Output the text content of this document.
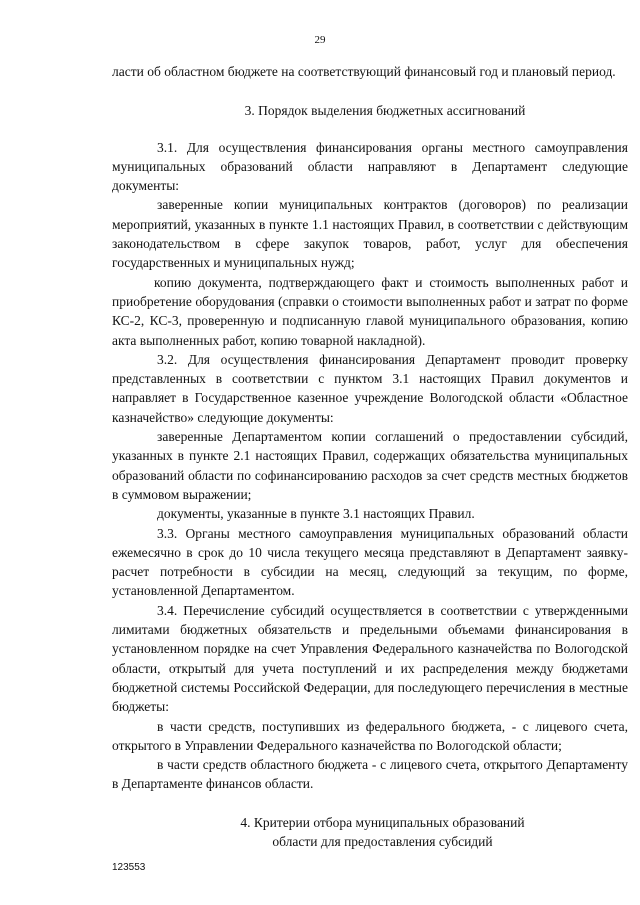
29

ласти об областном бюджете на соответствующий финансовый год и плановый период.

3. Порядок выделения бюджетных ассигнований

3.1. Для осуществления финансирования органы местного самоуправления муниципальных образований области направляют в Департамент следующие документы:

заверенные копии муниципальных контрактов (договоров) по реализации мероприятий, указанных в пункте 1.1 настоящих Правил, в соответствии с действующим законодательством в сфере закупок товаров, работ, услуг для обеспечения государственных и муниципальных нужд;

копию документа, подтверждающего факт и стоимость выполненных работ и приобретение оборудования (справки о стоимости выполненных работ и затрат по форме КС-2, КС-3, проверенную и подписанную главой муниципального образования, копию акта выполненных работ, копию товарной накладной).

3.2. Для осуществления финансирования Департамент проводит проверку представленных в соответствии с пунктом 3.1 настоящих Правил документов и направляет в Государственное казенное учреждение Вологодской области «Областное казначейство» следующие документы:

заверенные Департаментом копии соглашений о предоставлении субсидий, указанных в пункте 2.1 настоящих Правил, содержащих обязательства муниципальных образований области по софинансированию расходов за счет средств местных бюджетов в суммовом выражении;

документы, указанные в пункте 3.1 настоящих Правил.

3.3. Органы местного самоуправления муниципальных образований области ежемесячно в срок до 10 числа текущего месяца представляют в Департамент заявку-расчет потребности в субсидии на месяц, следующий за текущим, по форме, установленной Департаментом.

3.4. Перечисление субсидий осуществляется в соответствии с утвержденными лимитами бюджетных обязательств и предельными объемами финансирования в установленном порядке на счет Управления Федерального казначейства по Вологодской области, открытый для учета поступлений и их распределения между бюджетами бюджетной системы Российской Федерации, для последующего перечисления в местные бюджеты:

в части средств, поступивших из федерального бюджета, - с лицевого счета, открытого в Управлении Федерального казначейства по Вологодской области;

в части средств областного бюджета - с лицевого счета, открытого Департаменту в Департаменте финансов области.

4. Критерии отбора муниципальных образований

области для предоставления субсидий

123553
